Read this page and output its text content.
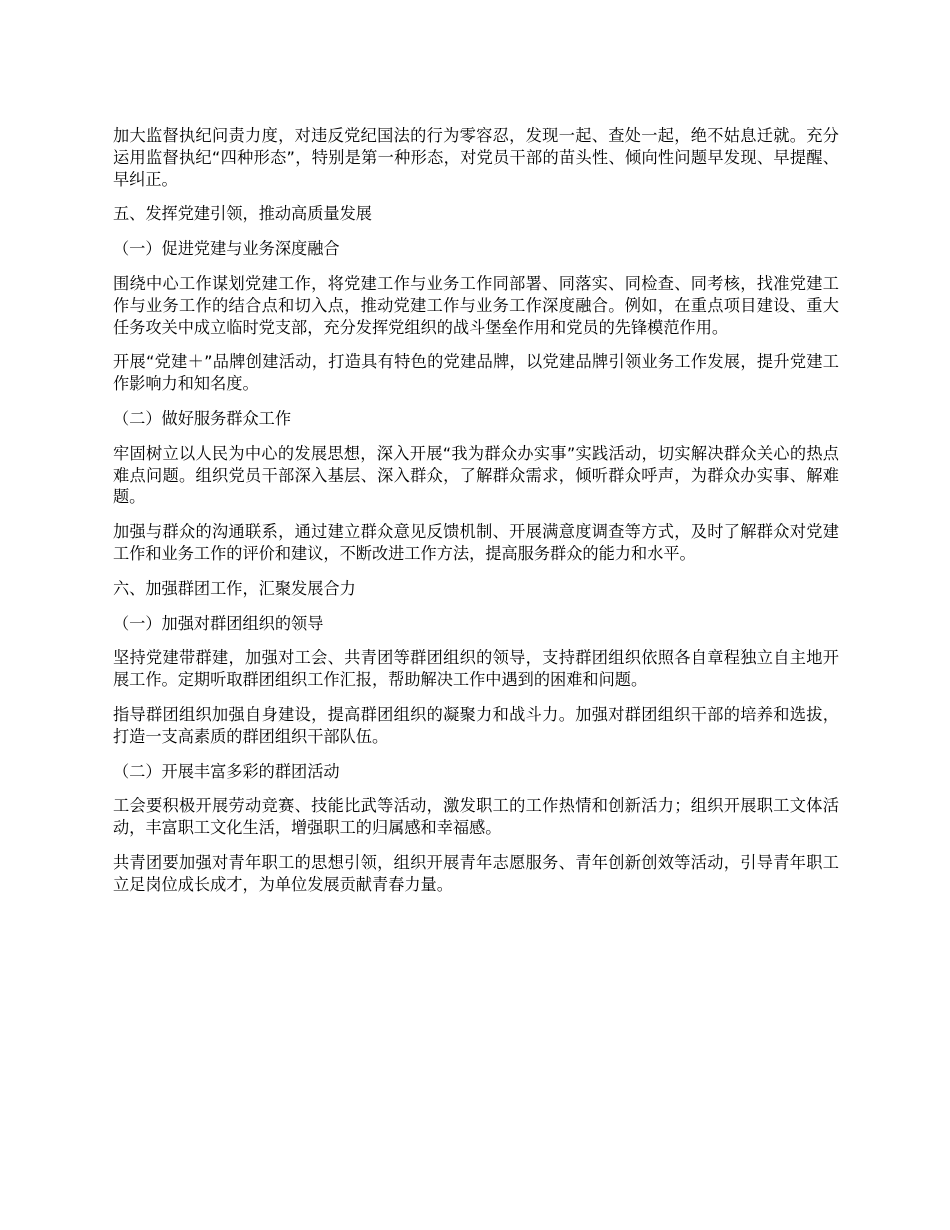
加大监督执纪问责力度，对违反党纪国法的行为零容忍，发现一起、查处一起，绝不姑息迁就。充分运用监督执纪“四种形态”，特别是第一种形态，对党员干部的苗头性、倾向性问题早发现、早提醒、早纠正。

五、发挥党建引领，推动高质量发展

（一）促进党建与业务深度融合

围绕中心工作谋划党建工作，将党建工作与业务工作同部署、同落实、同检查、同考核，找准党建工作与业务工作的结合点和切入点，推动党建工作与业务工作深度融合。例如，在重点项目建设、重大任务攻关中成立临时党支部，充分发挥党组织的战斗堡垒作用和党员的先锋模范作用。

开展“党建＋”品牌创建活动，打造具有特色的党建品牌，以党建品牌引领业务工作发展，提升党建工作影响力和知名度。

（二）做好服务群众工作

牢固树立以人民为中心的发展思想，深入开展“我为群众办实事”实践活动，切实解决群众关心的热点难点问题。组织党员干部深入基层、深入群众，了解群众需求，倾听群众呼声，为群众办实事、解难题。

加强与群众的沟通联系，通过建立群众意见反馈机制、开展满意度调查等方式，及时了解群众对党建工作和业务工作的评价和建议，不断改进工作方法，提高服务群众的能力和水平。

六、加强群团工作，汇聚发展合力

（一）加强对群团组织的领导

坚持党建带群建，加强对工会、共青团等群团组织的领导，支持群团组织依照各自章程独立自主地开展工作。定期听取群团组织工作汇报，帮助解决工作中遇到的困难和问题。

指导群团组织加强自身建设，提高群团组织的凝聚力和战斗力。加强对群团组织干部的培养和选拔，打造一支高素质的群团组织干部队伍。

（二）开展丰富多彩的群团活动

工会要积极开展劳动竞赛、技能比武等活动，激发职工的工作热情和创新活力；组织开展职工文体活动，丰富职工文化生活，增强职工的归属感和幸福感。

共青团要加强对青年职工的思想引领，组织开展青年志愿服务、青年创新创效等活动，引导青年职工立足岗位成长成才，为单位发展贡献青春力量。
